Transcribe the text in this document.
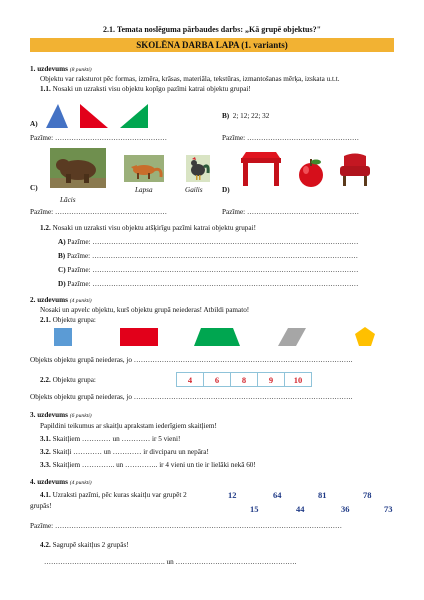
2.1. Temata noslēguma pārbaudes darbs: „Kā grupē objektus?"
SKOLĒNA DARBA LAPA (1. variants)
1. uzdevums (8 punkti)
Objektu var raksturot pēc formas, izmēra, krāsas, materiāla, tekstūras, izmantošanas mērķa, izskata u.t.t.
1.1. Nosaki un uzraksti visu objektu kopīgo pazīmi katrai objektu grupai!
A)
B) 2; 12; 22; 32
Pazīme: …………………………………………	Pazīme: …………………………………………
C)
Lācis
Lapsa	Gailis	D)
Pazīme: …………………………………………	Pazīme: …………………………………………
1.2. Nosaki un uzraksti visu objektu atšķirīgu pazīmi katrai objektu grupai!
A) Pazīme: ……………………………………………………………………………………………………
B) Pazīme: ……………………………………………………………………………………………………
C) Pazīme: ……………………………………………………………………………………………………
D) Pazīme: ……………………………………………………………………………………………………
2. uzdevums (4 punkti)
Nosaki un apvelc objektu, kurš objektu grupā neiederas! Atbildi pamato!
2.1. Objektu grupa:
Objekts objektu grupā neiederas, jo ………………………………………………………………………………….
2.2. Objektu grupa:	4	6	8	9	10
Objekts objektu grupā neiederas, jo ………………………………………………………………………………….
3. uzdevums (6 punkti)
Papildini teikumus ar skaitļu aprakstam iederīgiem skaitļiem!
3.1. Skaitļiem ………… un ………… ir 5 vieni!
3.2. Skaitļi ………… un ………… ir divciparu un nepāra!
3.3. Skaitļiem ………….. un ………….. ir 4 vieni un tie ir lielāki nekā 60!
4. uzdevums (4 punkti)
4.1. Uzraksti pazīmi, pēc kuras skaitļu var grupēt 2
grupās!
12	64	81	78
15	44	36	73
Pazīme: ……………………………………………………………………………………………………………
4.2. Sagrupē skaitļus 2 grupās!
……………………………………………. un …………………………………………….
